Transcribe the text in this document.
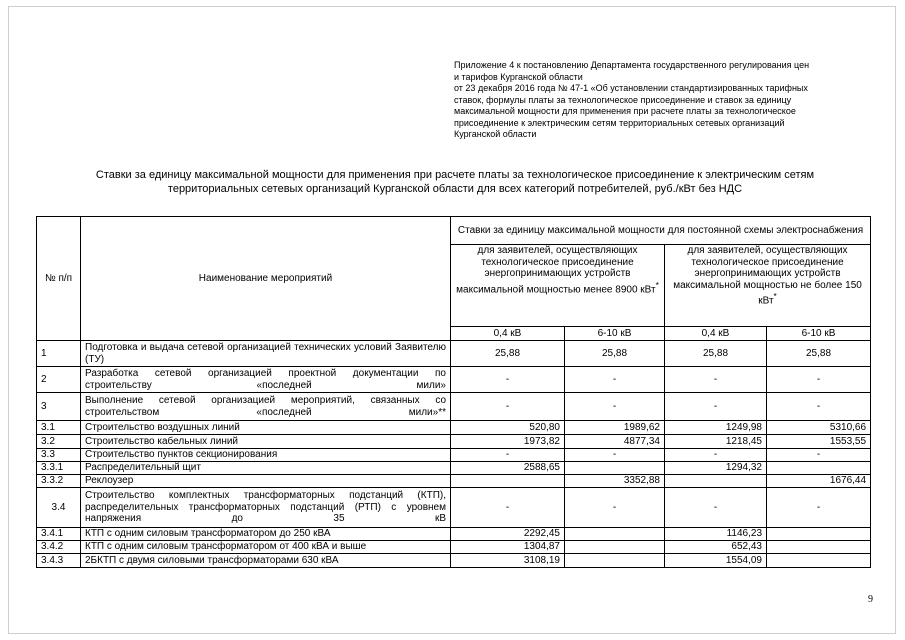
Приложение 4 к постановлению Департамента государственного регулирования цен
и тарифов Курганской области
от 23 декабря 2016 года № 47-1 «Об установлении стандартизированных тарифных
ставок, формулы платы за технологическое присоединение и ставок за единицу
максимальной мощности для применения при расчете платы за технологическое
присоединение к электрическим сетям территориальных сетевых организаций
Курганской области
Ставки за единицу максимальной мощности для применения при расчете платы за технологическое присоединение к электрическим сетям
территориальных сетевых организаций Курганской области для всех категорий потребителей, руб./кВт без НДС
№ п/п	Наименование мероприятий	Ставки за единицу максимальной мощности для постоянной схемы электроснабжения			
		для заявителей, осуществляющих технологическое присоединение энергопринимающих устройств максимальной мощностью менее 8900 кВт*		для заявителей, осуществляющих технологическое присоединение энергопринимающих устройств максимальной мощностью не более 150 кВт*
		0,4 кВ	6-10 кВ	0,4 кВ	6-10 кВ
1	Подготовка и выдача сетевой организацией технических условий Заявителю (ТУ)	25,88	25,88	25,88	25,88
2	Разработка сетевой организацией проектной документации по строительству «последней мили»	-	-	-	-
3	Выполнение сетевой организацией мероприятий, связанных со строительством «последней мили»**	-	-	-	-
3.1	Строительство воздушных линий	520,80	1989,62	1249,98	5310,66
3.2	Строительство кабельных линий	1973,82	4877,34	1218,45	1553,55
3.3	Строительство пунктов секционирования	-	-	-	-
3.3.1	Распределительный щит	2588,65		1294,32	
3.3.2	Реклоузер		3352,88		1676,44
3.4	Строительство комплектных трансформаторных подстанций (КТП), распределительных трансформаторных подстанций (РТП) с уровнем напряжения до 35 кВ	-	-	-	-
3.4.1	КТП с одним силовым трансформатором до 250 кВА	2292,45		1146,23	
3.4.2	КТП с одним силовым трансформатором от 400 кВА и выше	1304,87		652,43	
3.4.3	2БКТП с двумя силовыми трансформаторами 630 кВА	3108,19		1554,09	
9
